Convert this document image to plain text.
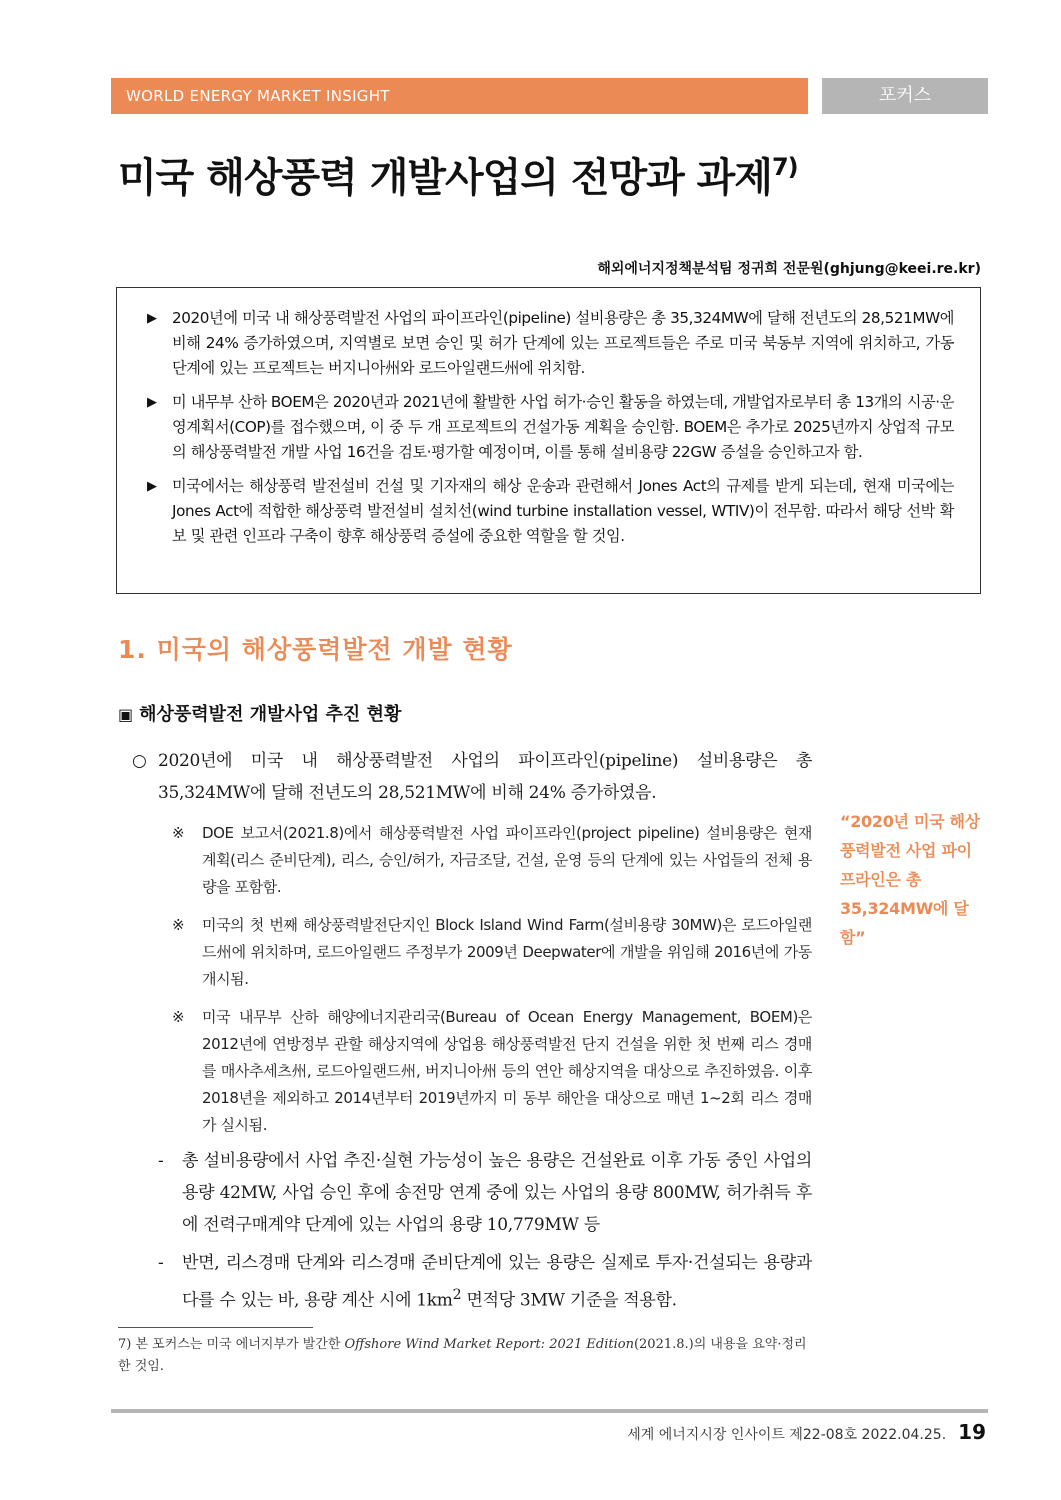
WORLD ENERGY MARKET INSIGHT	포커스
미국 해상풍력 개발사업의 전망과 과제$^{7)}$
해외에너지정책분석팀 정귀희 전문원(ghjung@keei.re.kr)
▶ 2020년에 미국 내 해상풍력발전 사업의 파이프라인(pipeline) 설비용량은 총 35,324MW에 달해 전년도의 28,521MW에 비해 24% 증가하였으며, 지역별로 보면 승인 및 허가 단계에 있는 프로젝트들은 주로 미국 북동부 지역에 위치하고, 가동단계에 있는 프로젝트는 버지니아州와 로드아일랜드州에 위치함.
▶ 미 내무부 산하 BOEM은 2020년과 2021년에 활발한 사업 허가·승인 활동을 하였는데, 개발업자로부터 총 13개의 시공·운영계획서(COP)를 접수했으며, 이 중 두 개 프로젝트의 건설가동 계획을 승인함. BOEM은 추가로 2025년까지 상업적 규모의 해상풍력발전 개발 사업 16건을 검토·평가할 예정이며, 이를 통해 설비용량 22GW 증설을 승인하고자 함.
▶ 미국에서는 해상풍력 발전설비 건설 및 기자재의 해상 운송과 관련해서 Jones Act의 규제를 받게 되는데, 현재 미국에는 Jones Act에 적합한 해상풍력 발전설비 설치선(wind turbine installation vessel, WTIV)이 전무함. 따라서 해당 선박 확보 및 관련 인프라 구축이 향후 해상풍력 증설에 중요한 역할을 할 것임.
1. 미국의 해상풍력발전 개발 현황
▣ 해상풍력발전 개발사업 추진 현황
○ 2020년에 미국 내 해상풍력발전 사업의 파이프라인(pipeline) 설비용량은 총 35,324MW에 달해 전년도의 28,521MW에 비해 24% 증가하였음.
※	DOE 보고서(2021.8)에서 해상풍력발전 사업 파이프라인(project pipeline) 설비용량은 현재 계획(리스 준비단계), 리스, 승인/허가, 자금조달, 건설, 운영 등의 단계에 있는 사업들의 전체 용량을 포함함.
※	미국의 첫 번째 해상풍력발전단지인 Block Island Wind Farm(설비용량 30MW)은 로드아일랜드州에 위치하며, 로드아일랜드 주정부가 2009년 Deepwater에 개발을 위임해 2016년에 가동 개시됨.
※	미국 내무부 산하 해양에너지관리국(Bureau of Ocean Energy Management, BOEM)은 2012년에 연방정부 관할 해상지역에 상업용 해상풍력발전 단지 건설을 위한 첫 번째 리스 경매를 매사추세츠州, 로드아일랜드州, 버지니아州 등의 연안 해상지역을 대상으로 추진하였음. 이후 2018년을 제외하고 2014년부터 2019년까지 미 동부 해안을 대상으로 매년 1~2회 리스 경매가 실시됨.
-	총 설비용량에서 사업 추진·실현 가능성이 높은 용량은 건설완료 이후 가동 중인 사업의 용량 42MW, 사업 승인 후에 송전망 연계 중에 있는 사업의 용량 800MW, 허가취득 후에 전력구매계약 단계에 있는 사업의 용량 10,779MW 등
-	반면, 리스경매 단계와 리스경매 준비단계에 있는 용량은 실제로 투자·건설되는 용량과 다를 수 있는 바, 용량 계산 시에 $1km^2$ 면적당 3MW 기준을 적용함.
“2020년 미국 해상풍력발전 사업 파이프라인은 총 35,324MW에 달함”
7) 본 포커스는 미국 에너지부가 발간한 Offshore Wind Market Report: 2021 Edition(2021.8.)의 내용을 요약·정리한 것임.
세계 에너지시장 인사이트 제22-08호 2022.04.25. 19
